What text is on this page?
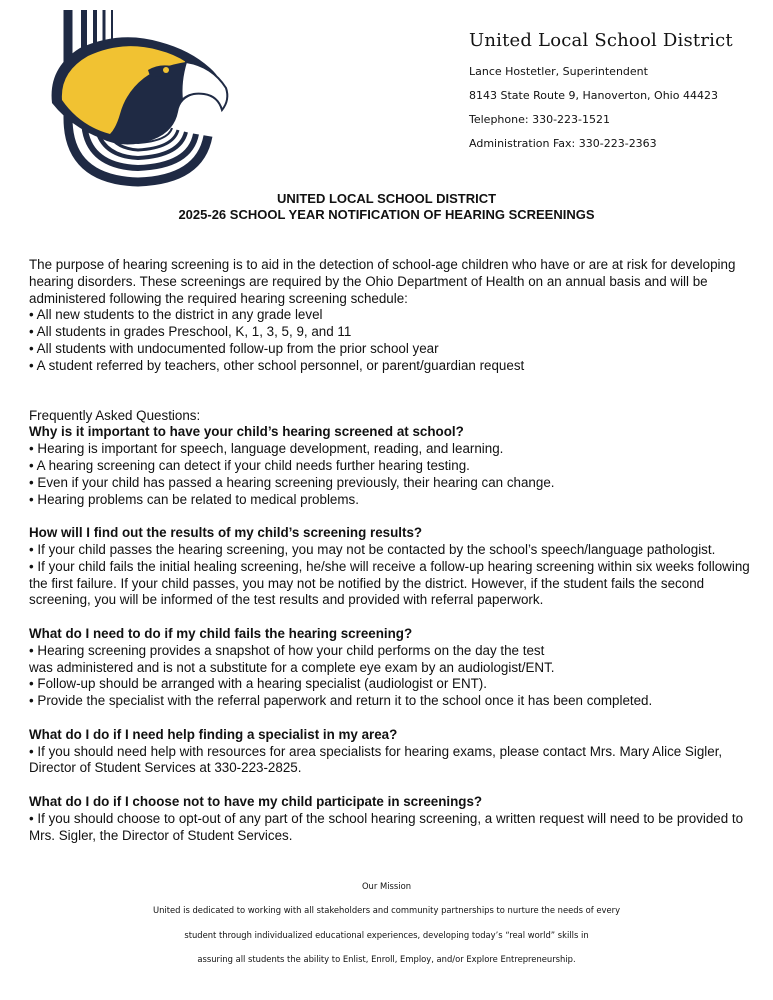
United Local School District

Lance Hostetler, Superintendent

8143 State Route 9, Hanoverton, Ohio 44423

Telephone: 330-223-1521

Administration Fax: 330-223-2363

UNITED LOCAL SCHOOL DISTRICT
2025-26 SCHOOL YEAR NOTIFICATION OF HEARING SCREENINGS

The purpose of hearing screening is to aid in the detection of school-age children who have or are at risk for developing hearing disorders. These screenings are required by the Ohio Department of Health on an annual basis and will be administered following the required hearing screening schedule:

• All new students to the district in any grade level

• All students in grades Preschool, K, 1, 3, 5, 9, and 11

• All students with undocumented follow-up from the prior school year

• A student referred by teachers, other school personnel, or parent/guardian request

Frequently Asked Questions:

Why is it important to have your child’s hearing screened at school?

• Hearing is important for speech, language development, reading, and learning.

• A hearing screening can detect if your child needs further hearing testing.

• Even if your child has passed a hearing screening previously, their hearing can change.

• Hearing problems can be related to medical problems.

How will I find out the results of my child’s screening results?

• If your child passes the hearing screening, you may not be contacted by the school’s speech/language pathologist.

• If your child fails the initial healing screening, he/she will receive a follow-up hearing screening within six weeks following the first failure. If your child passes, you may not be notified by the district. However, if the student fails the second screening, you will be informed of the test results and provided with referral paperwork.

What do I need to do if my child fails the hearing screening?

• Hearing screening provides a snapshot of how your child performs on the day the test

was administered and is not a substitute for a complete eye exam by an audiologist/ENT.

• Follow-up should be arranged with a hearing specialist (audiologist or ENT).

• Provide the specialist with the referral paperwork and return it to the school once it has been completed.

What do I do if I need help finding a specialist in my area?

• If you should need help with resources for area specialists for hearing exams, please contact Mrs. Mary Alice Sigler, Director of Student Services at 330-223-2825.

What do I do if I choose not to have my child participate in screenings?

• If you should choose to opt-out of any part of the school hearing screening, a written request will need to be provided to Mrs. Sigler, the Director of Student Services.

Our Mission

United is dedicated to working with all stakeholders and community partnerships to nurture the needs of every

student through individualized educational experiences, developing today’s “real world” skills in

assuring all students the ability to Enlist, Enroll, Employ, and/or Explore Entrepreneurship.
